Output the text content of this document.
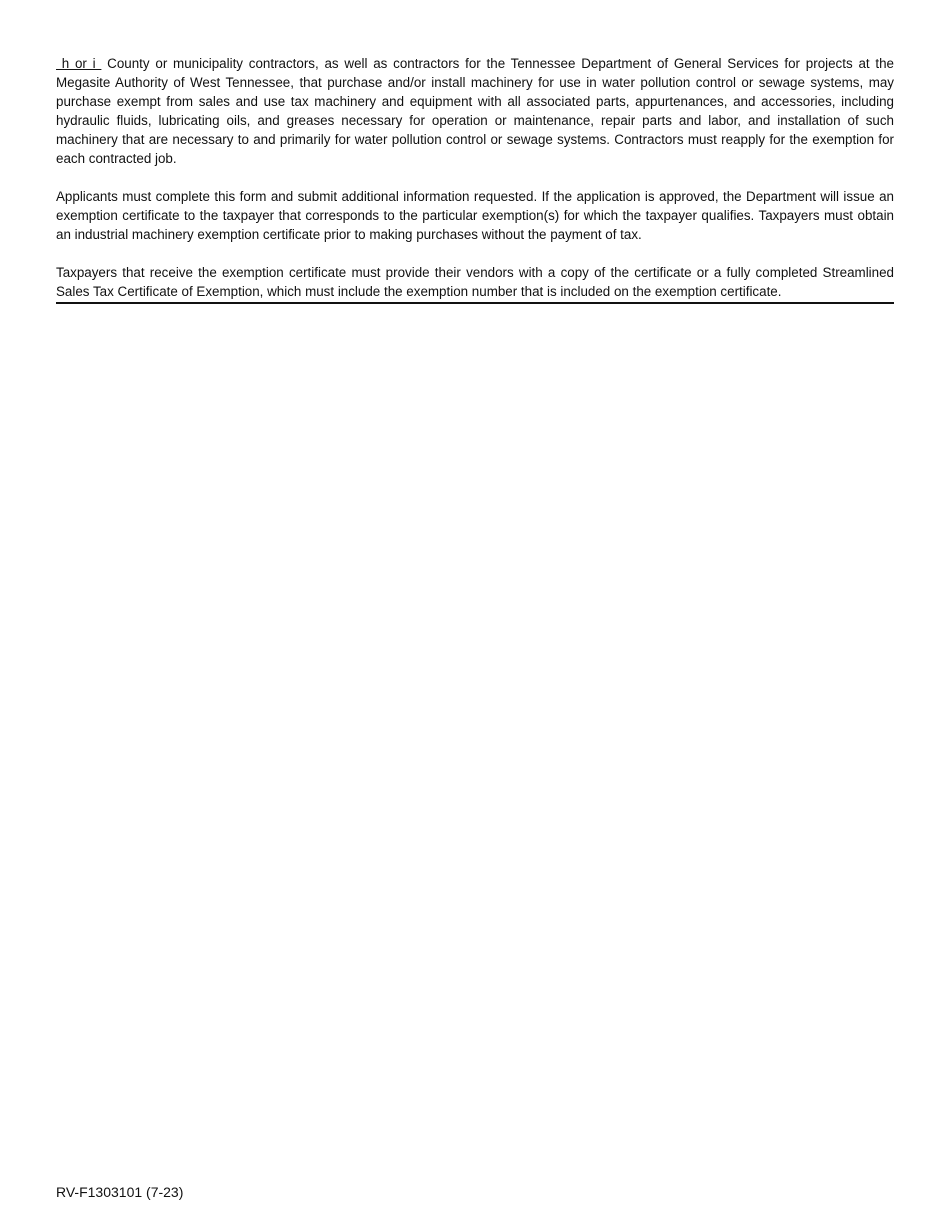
h or i  County or municipality contractors, as well as contractors for the Tennessee Department of General Services for projects at the Megasite Authority of West Tennessee, that purchase and/or install machinery for use in water pollution control or sewage systems, may purchase exempt from sales and use tax machinery and equipment with all associated parts, appurtenances, and accessories, including hydraulic fluids, lubricating oils, and greases necessary for operation or maintenance, repair parts and labor, and installation of such machinery that are necessary to and primarily for water pollution control or sewage systems. Contractors must reapply for the exemption for each contracted job.

Applicants must complete this form and submit additional information requested. If the application is approved, the Department will issue an exemption certificate to the taxpayer that corresponds to the particular exemption(s) for which the taxpayer qualifies. Taxpayers must obtain an industrial machinery exemption certificate prior to making purchases without the payment of tax.

Taxpayers that receive the exemption certificate must provide their vendors with a copy of the certificate or a fully completed Streamlined Sales Tax Certificate of Exemption, which must include the exemption number that is included on the exemption certificate.

RV-F1303101 (7-23)
